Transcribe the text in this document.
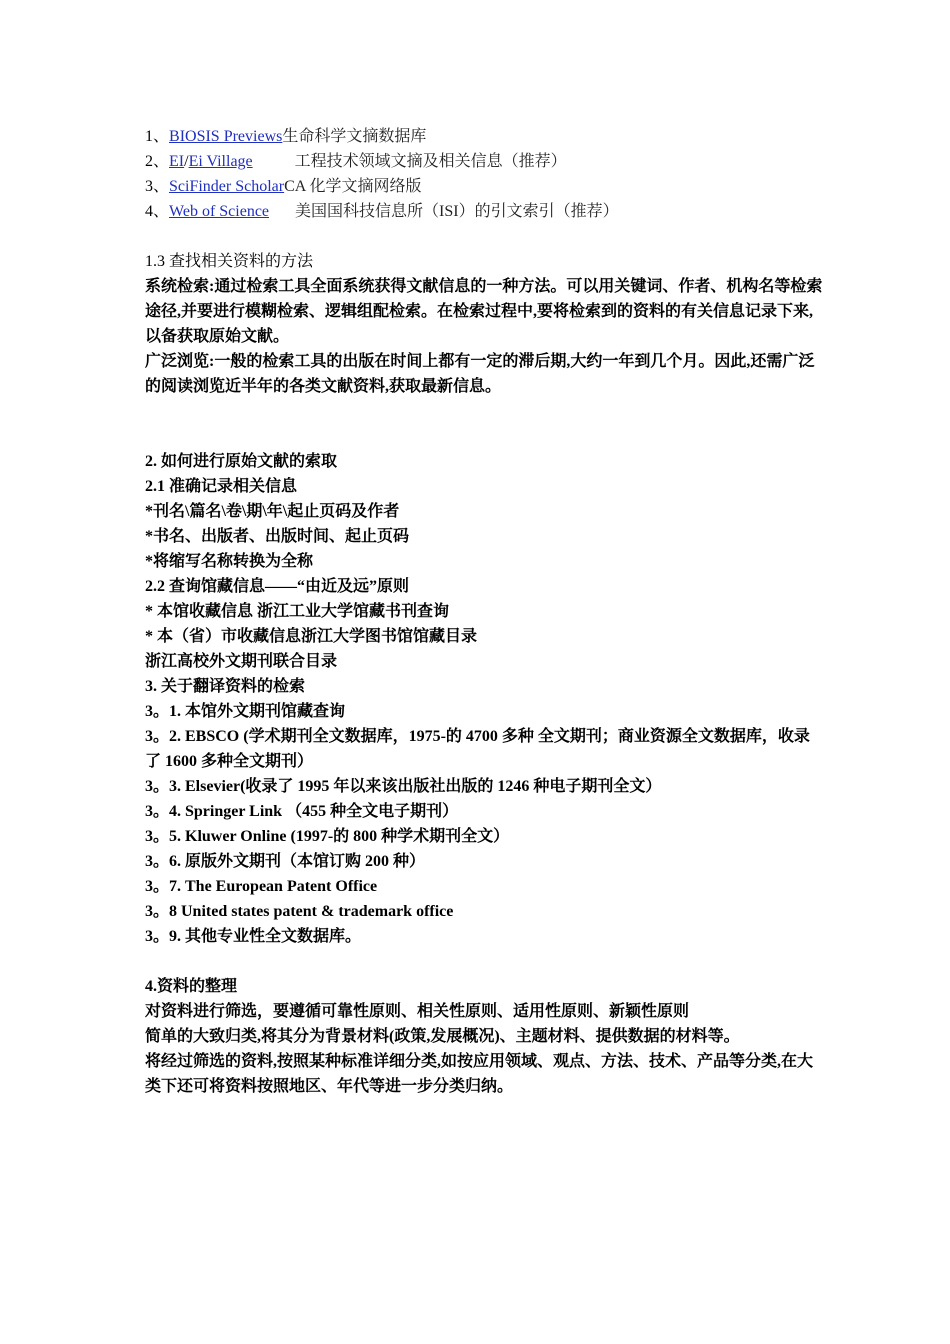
1、BIOSIS Previews生命科学文摘数据库
2、EI/Ei Village	工程技术领域文摘及相关信息（推荐）
3、SciFinder ScholarCA 化学文摘网络版
4、Web of Science 美国国科技信息所（ISI）的引文索引（推荐）
1.3 查找相关资料的方法
系统检索:通过检索工具全面系统获得文献信息的一种方法。可以用关键词、作者、机构名等检索途径,并要进行模糊检索、逻辑组配检索。在检索过程中,要将检索到的资料的有关信息记录下来,以备获取原始文献。
广泛浏览:一般的检索工具的出版在时间上都有一定的滞后期,大约一年到几个月。因此,还需广泛的阅读浏览近半年的各类文献资料,获取最新信息。
2. 如何进行原始文献的索取
2.1 准确记录相关信息
*刊名\篇名\卷\期\年\起止页码及作者
*书名、出版者、出版时间、起止页码
*将缩写名称转换为全称
2.2 查询馆藏信息——“由近及远”原则
* 本馆收藏信息 浙江工业大学馆藏书刊查询
* 本（省）市收藏信息浙江大学图书馆馆藏目录
浙江高校外文期刊联合目录
3. 关于翻译资料的检索
3。1. 本馆外文期刊馆藏查询
3。2. EBSCO (学术期刊全文数据库，1975-的 4700 多种 全文期刊；商业资源全文数据库，收录了 1600 多种全文期刊）
3。3. Elsevier(收录了 1995 年以来该出版社出版的 1246 种电子期刊全文）
3。4. Springer Link （455 种全文电子期刊）
3。5. Kluwer Online (1997-的 800 种学术期刊全文）
3。6. 原版外文期刊（本馆订购 200 种）
3。7. The European Patent Office
3。8 United states patent & trademark office
3。9. 其他专业性全文数据库。
4.资料的整理
对资料进行筛选，要遵循可靠性原则、相关性原则、适用性原则、新颖性原则
简单的大致归类,将其分为背景材料(政策,发展概况)、主题材料、提供数据的材料等。
将经过筛选的资料,按照某种标准详细分类,如按应用领域、观点、方法、技术、产品等分类,在大类下还可将资料按照地区、年代等进一步分类归纳。
